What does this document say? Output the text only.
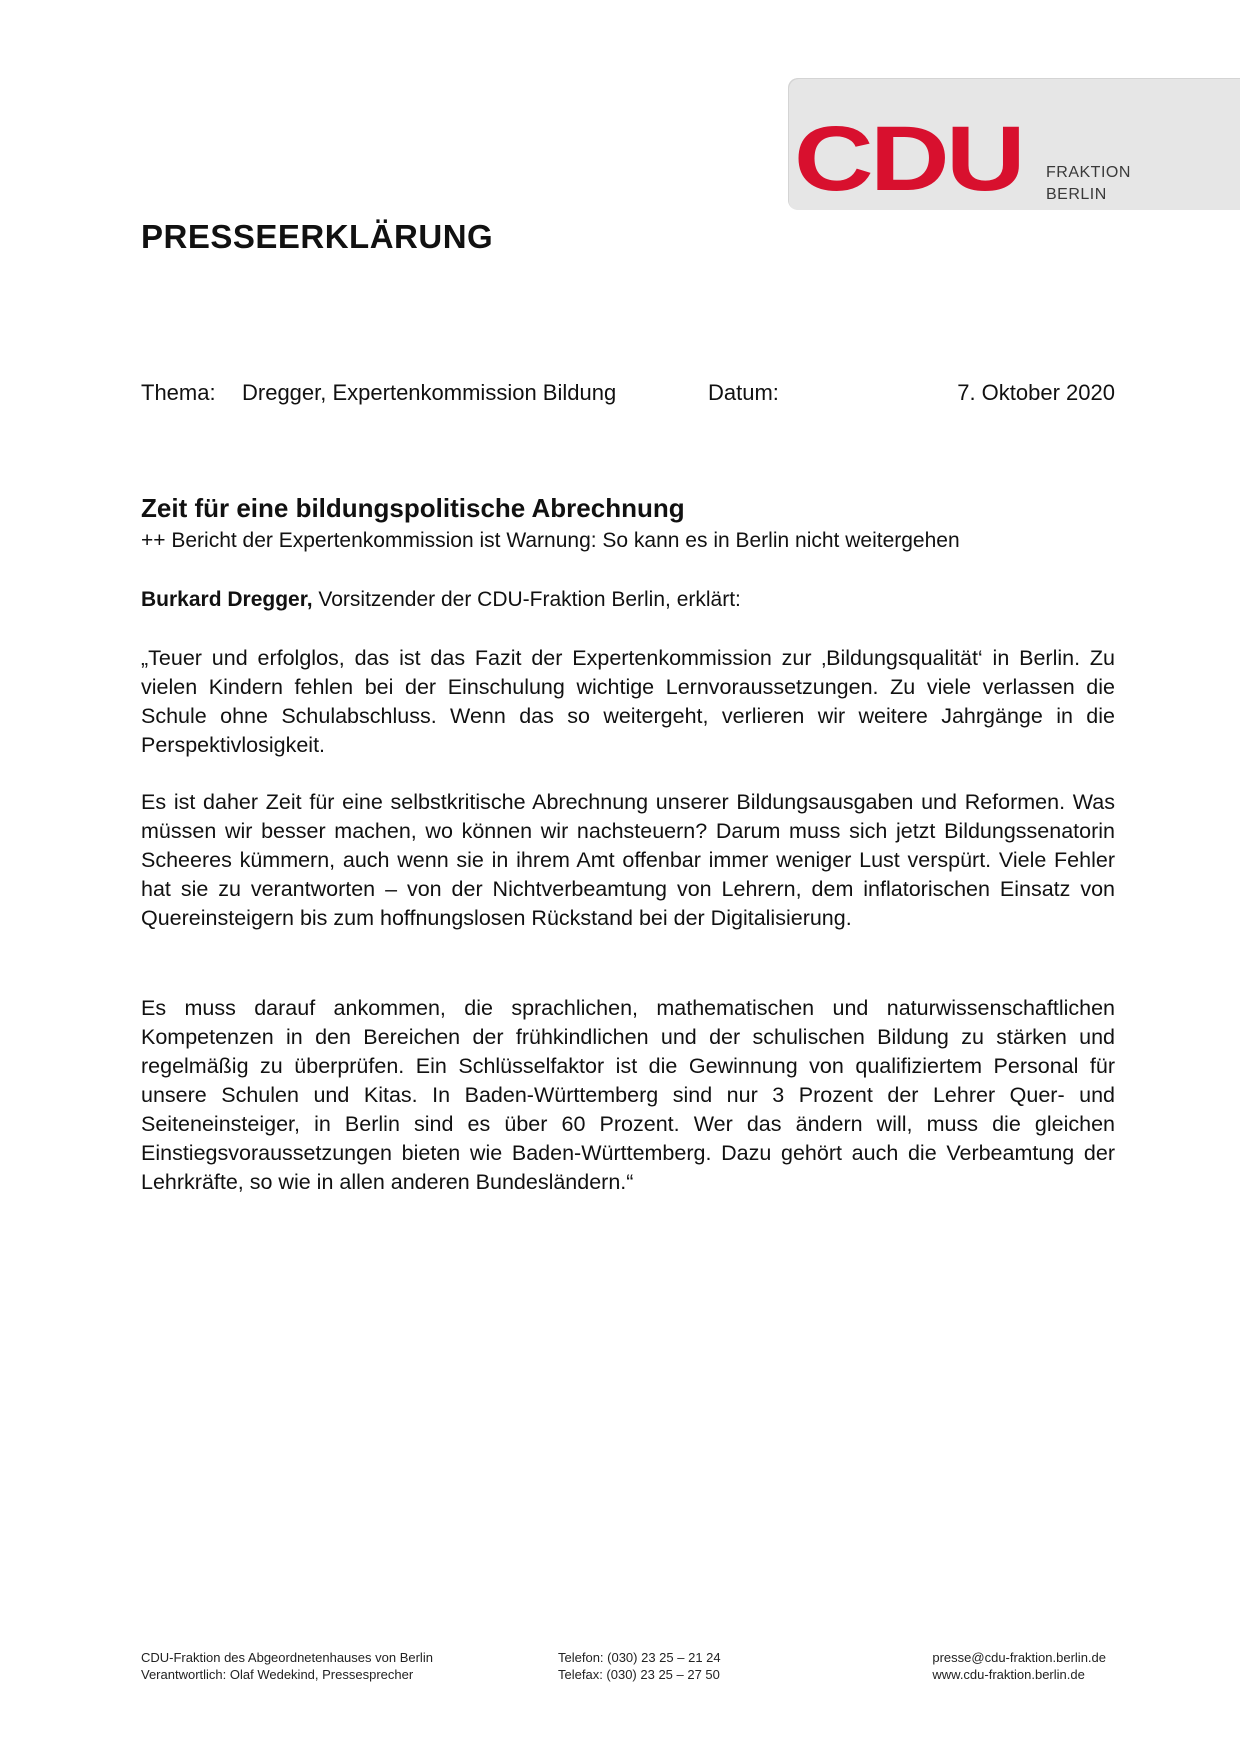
CDU FRAKTION
BERLIN
PRESSEERKLÄRUNG
Thema: Dregger, Expertenkommission Bildung	Datum:	7. Oktober 2020
Zeit für eine bildungspolitische Abrechnung
++ Bericht der Expertenkommission ist Warnung: So kann es in Berlin nicht weitergehen
Burkard Dregger, Vorsitzender der CDU-Fraktion Berlin, erklärt:
„Teuer und erfolglos, das ist das Fazit der Expertenkommission zur ‚Bildungsqualität‘ in Berlin. Zu vielen Kindern fehlen bei der Einschulung wichtige Lernvoraussetzungen. Zu viele verlassen die Schule ohne Schulabschluss. Wenn das so weitergeht, verlieren wir weitere Jahrgänge in die Perspektivlosigkeit.
Es ist daher Zeit für eine selbstkritische Abrechnung unserer Bildungsausgaben und Reformen. Was müssen wir besser machen, wo können wir nachsteuern? Darum muss sich jetzt Bildungssenatorin Scheeres kümmern, auch wenn sie in ihrem Amt offenbar immer weniger Lust verspürt. Viele Fehler hat sie zu verantworten – von der Nichtverbeamtung von Lehrern, dem inflatorischen Einsatz von Quereinsteigern bis zum hoffnungslosen Rückstand bei der Digitalisierung.
Es muss darauf ankommen, die sprachlichen, mathematischen und naturwissenschaftlichen Kompetenzen in den Bereichen der frühkindlichen und der schulischen Bildung zu stärken und regelmäßig zu überprüfen. Ein Schlüsselfaktor ist die Gewinnung von qualifiziertem Personal für unsere Schulen und Kitas. In Baden-Württemberg sind nur 3 Prozent der Lehrer Quer- und Seiteneinsteiger, in Berlin sind es über 60 Prozent. Wer das ändern will, muss die gleichen Einstiegsvoraussetzungen bieten wie Baden-Württemberg. Dazu gehört auch die Verbeamtung der Lehrkräfte, so wie in allen anderen Bundesländern.“
CDU-Fraktion des Abgeordnetenhauses von Berlin
Verantwortlich: Olaf Wedekind, Pressesprecher
Telefon: (030) 23 25 – 21 24
Telefax: (030) 23 25 – 27 50
presse@cdu-fraktion.berlin.de
www.cdu-fraktion.berlin.de
